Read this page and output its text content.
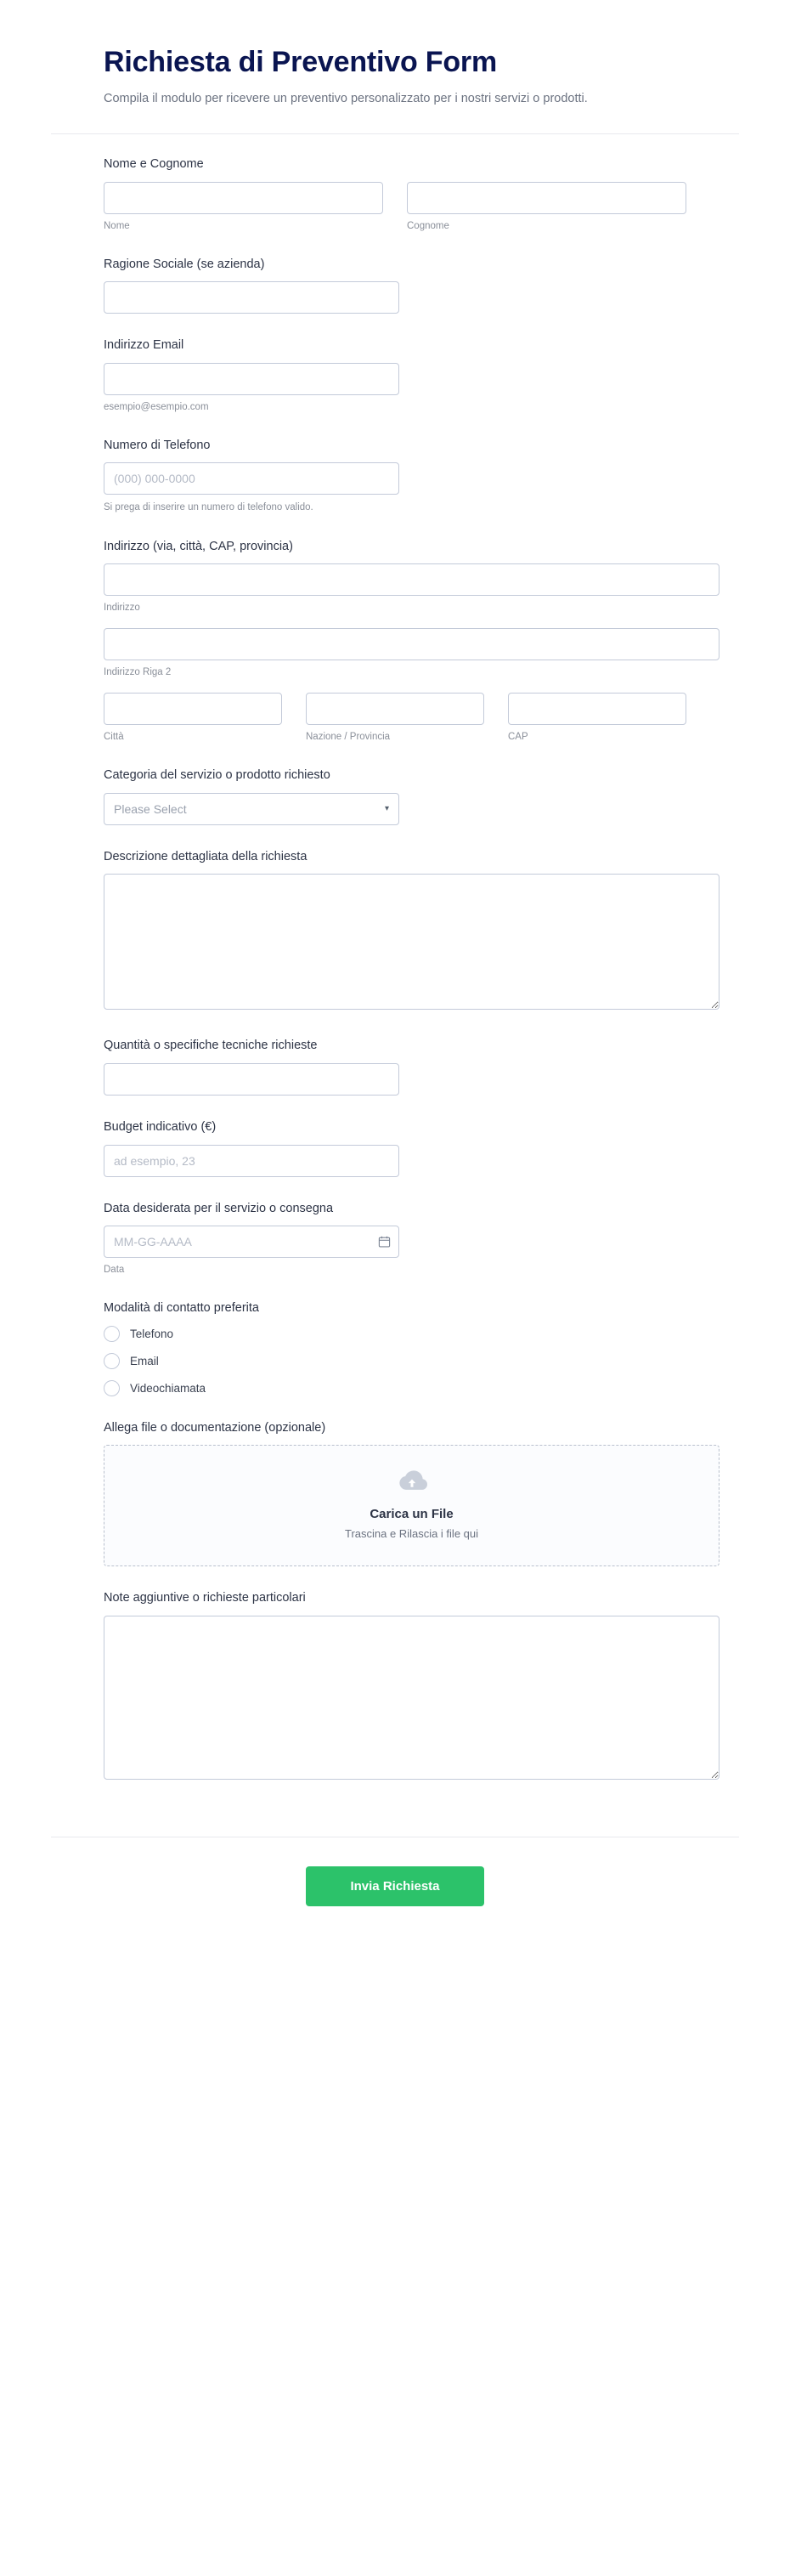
Richiesta di Preventivo Form

Compila il modulo per ricevere un preventivo personalizzato per i nostri servizi o prodotti.

Nome e Cognome
Nome	Cognome
Ragione Sociale (se azienda)
Indirizzo Email
esempio@esempio.com
Numero di Telefono
(000) 000-0000
Si prega di inserire un numero di telefono valido.
Indirizzo (via, città, CAP, provincia)
Indirizzo
Indirizzo Riga 2
Città	Nazione / Provincia	CAP
Categoria del servizio o prodotto richiesto
Please Select
▾
Descrizione dettagliata della richiesta
Quantità o specifiche tecniche richieste
Budget indicativo (€)
ad esempio, 23
Data desiderata per il servizio o consegna
MM-GG-AAAA
Data
Modalità di contatto preferita
Telefono
Email
Videochiamata
Allega file o documentazione (opzionale)
Carica un File
Trascina e Rilascia i file qui
Note aggiuntive o richieste particolari
Invia Richiesta
